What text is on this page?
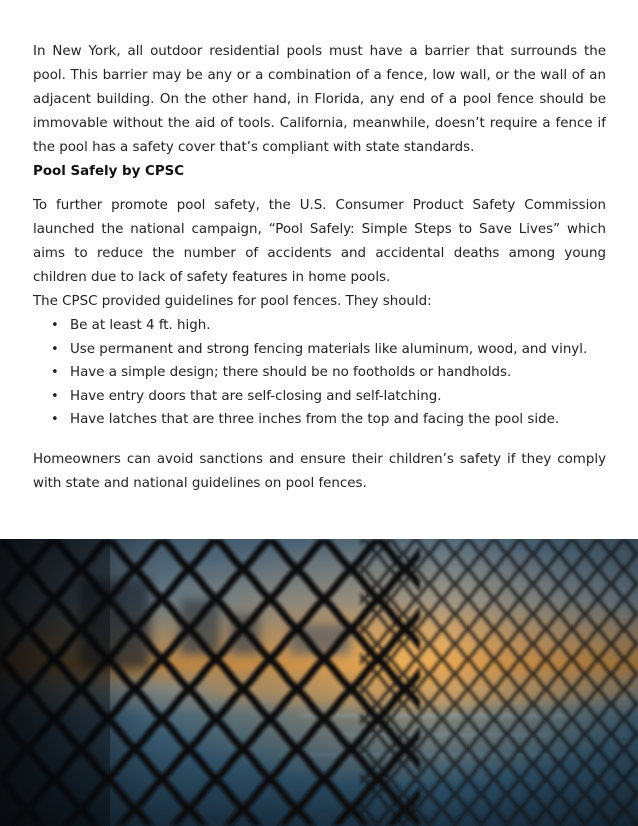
In New York, all outdoor residential pools must have a barrier that surrounds the pool. This barrier may be any or a combination of a fence, low wall, or the wall of an adjacent building. On the other hand, in Florida, any end of a pool fence should be immovable without the aid of tools. California, meanwhile, doesn’t require a fence if the pool has a safety cover that’s compliant with state standards.

Pool Safely by CPSC

To further promote pool safety, the U.S. Consumer Product Safety Commission launched the national campaign, “Pool Safely: Simple Steps to Save Lives” which aims to reduce the number of accidents and accidental deaths among young children due to lack of safety features in home pools.

The CPSC provided guidelines for pool fences. They should:

• Be at least 4 ft. high.
• Use permanent and strong fencing materials like aluminum, wood, and vinyl.
• Have a simple design; there should be no footholds or handholds.
• Have entry doors that are self-closing and self-latching.
• Have latches that are three inches from the top and facing the pool side.

Homeowners can avoid sanctions and ensure their children’s safety if they comply with state and national guidelines on pool fences.
